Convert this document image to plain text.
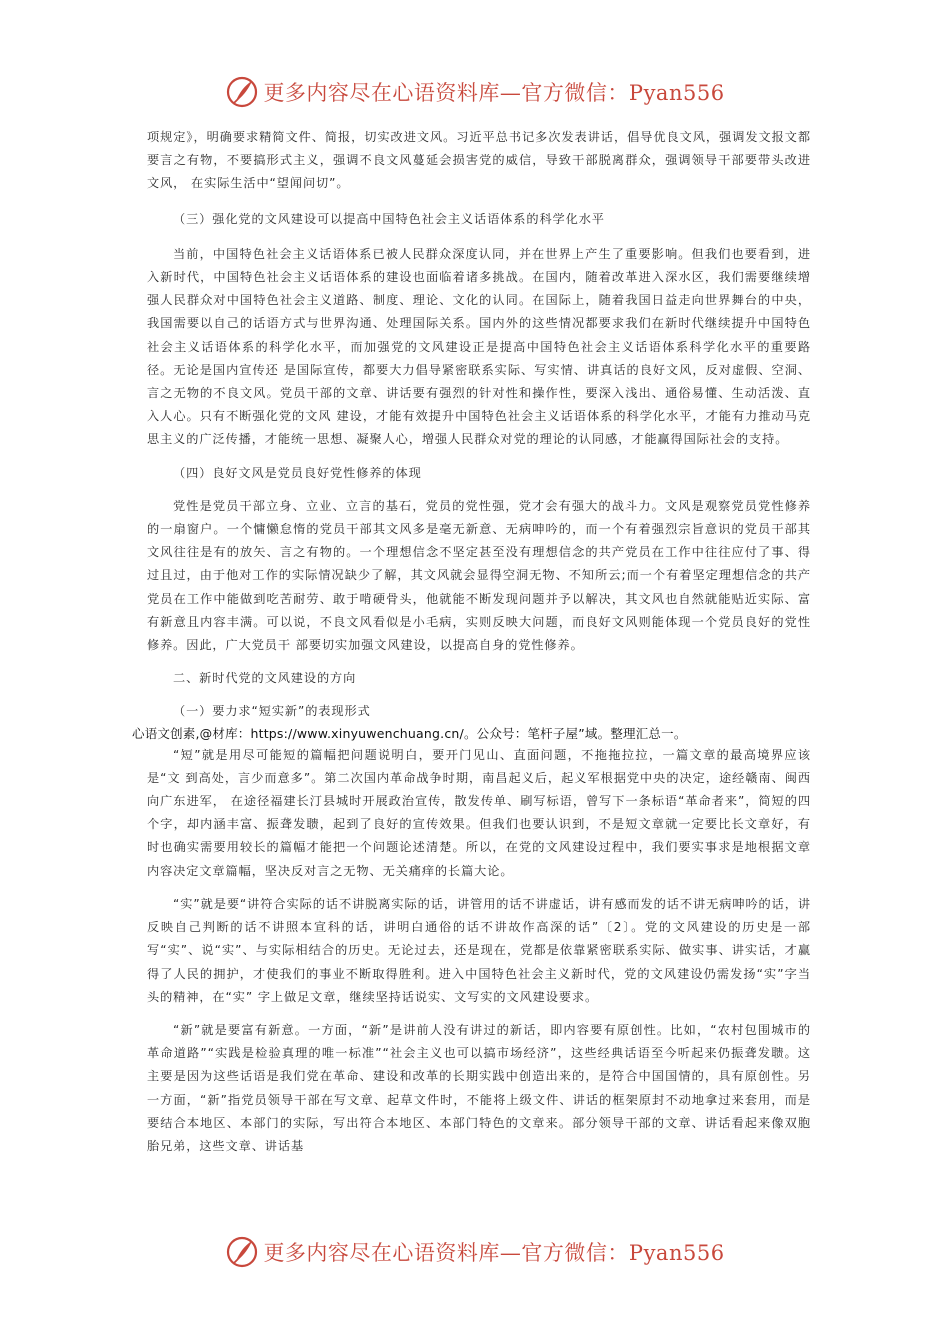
更多内容尽在心语资料库—官方微信：Pyan556

项规定》，明确要求精简文件、简报，切实改进文风。习近平总书记多次发表讲话，倡导优良文风，强调发文报文都要言之有物，不要搞形式主义，强调不良文风蔓延会损害党的威信，导致干部脱离群众，强调领导干部要带头改进文风， 在实际生活中“望闻问切”。

（三）强化党的文风建设可以提高中国特色社会主义话语体系的科学化水平

当前，中国特色社会主义话语体系已被人民群众深度认同，并在世界上产生了重要影响。但我们也要看到，进入新时代，中国特色社会主义话语体系的建设也面临着诸多挑战。在国内，随着改革进入深水区，我们需要继续增强人民群众对中国特色社会主义道路、制度、理论、文化的认同。在国际上，随着我国日益走向世界舞台的中央，我国需要以自己的话语方式与世界沟通、处理国际关系。国内外的这些情况都要求我们在新时代继续提升中国特色社会主义话语体系的科学化水平，而加强党的文风建设正是提高中国特色社会主义话语体系科学化水平的重要路径。无论是国内宣传还 是国际宣传，都要大力倡导紧密联系实际、写实情、讲真话的良好文风，反对虚假、空洞、言之无物的不良文风。党员干部的文章、讲话要有强烈的针对性和操作性，要深入浅出、通俗易懂、生动活泼、直入人心。只有不断强化党的文风 建设，才能有效提升中国特色社会主义话语体系的科学化水平，才能有力推动马克思主义的广泛传播，才能统一思想、凝聚人心，增强人民群众对党的理论的认同感，才能赢得国际社会的支持。

（四）良好文风是党员良好党性修养的体现

党性是党员干部立身、立业、立言的基石，党员的党性强，党才会有强大的战斗力。文风是观察党员党性修养的一扇窗户。一个慵懒怠惰的党员干部其文风多是毫无新意、无病呻吟的，而一个有着强烈宗旨意识的党员干部其文风往往是有的放矢、言之有物的。一个理想信念不坚定甚至没有理想信念的共产党员在工作中往往应付了事、得过且过，由于他对工作的实际情况缺少了解，其文风就会显得空洞无物、不知所云;而一个有着坚定理想信念的共产党员在工作中能做到吃苦耐劳、敢于啃硬骨头，他就能不断发现问题并予以解决，其文风也自然就能贴近实际、富有新意且内容丰满。可以说，不良文风看似是小毛病，实则反映大问题，而良好文风则能体现一个党员良好的党性修养。因此，广大党员干 部要切实加强文风建设，以提高自身的党性修养。

二、新时代党的文风建设的方向

（一）要力求“短实新”的表现形式

心语文创素,@材库：https://www.xinyuwenchuang.cn/。公众号：笔杆子屋”域。整理汇总一。

“短”就是用尽可能短的篇幅把问题说明白，要开门见山、直面问题，不拖拖拉拉，一篇文章的最高境界应该是“文 到高处，言少而意多”。第二次国内革命战争时期，南昌起义后，起义军根据党中央的决定，途经赣南、闽西向广东进军， 在途径福建长汀县城时开展政治宣传，散发传单、刷写标语，曾写下一条标语“革命者来”，简短的四个字，却内涵丰富、振聋发聩，起到了良好的宣传效果。但我们也要认识到，不是短文章就一定要比长文章好，有时也确实需要用较长的篇幅才能把一个问题论述清楚。所以，在党的文风建设过程中，我们要实事求是地根据文章内容决定文章篇幅，坚决反对言之无物、无关痛痒的长篇大论。

“实”就是要“讲符合实际的话不讲脱离实际的话，讲管用的话不讲虚话，讲有感而发的话不讲无病呻吟的话，讲反映自己判断的话不讲照本宣科的话，讲明白通俗的话不讲故作高深的话”〔2〕。党的文风建设的历史是一部写“实”、说“实”、与实际相结合的历史。无论过去，还是现在，党都是依靠紧密联系实际、做实事、讲实话，才赢得了人民的拥护，才使我们的事业不断取得胜利。进入中国特色社会主义新时代，党的文风建设仍需发扬“实”字当头的精神，在“实” 字上做足文章，继续坚持话说实、文写实的文风建设要求。

“新”就是要富有新意。一方面，“新”是讲前人没有讲过的新话，即内容要有原创性。比如，“农村包围城市的革命道路”“实践是检验真理的唯一标准”“社会主义也可以搞市场经济”，这些经典话语至今听起来仍振聋发聩。这主要是因为这些话语是我们党在革命、建设和改革的长期实践中创造出来的，是符合中国国情的，具有原创性。另一方面，“新”指党员领导干部在写文章、起草文件时，不能将上级文件、讲话的框架原封不动地拿过来套用，而是要结合本地区、本部门的实际，写出符合本地区、本部门特色的文章来。部分领导干部的文章、讲话看起来像双胞胎兄弟，这些文章、讲话基

更多内容尽在心语资料库—官方微信：Pyan556
